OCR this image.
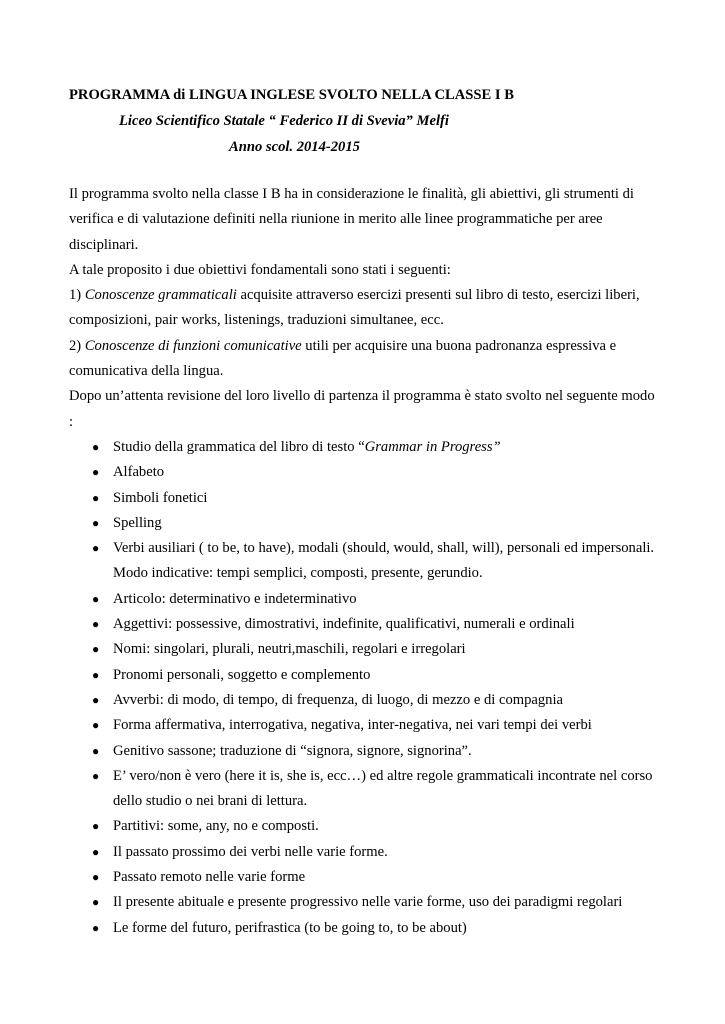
PROGRAMMA di LINGUA INGLESE SVOLTO NELLA CLASSE I B
Liceo Scientifico Statale “ Federico II di Svevia” Melfi
Anno scol. 2014-2015

Il programma svolto nella classe I B ha in considerazione le finalità, gli abiettivi, gli strumenti di verifica e di valutazione definiti nella riunione in merito alle linee programmatiche per aree disciplinari.

A tale proposito i due obiettivi fondamentali sono stati i seguenti:

1) Conoscenze grammaticali acquisite attraverso esercizi presenti sul libro di testo, esercizi liberi, composizioni, pair works, listenings, traduzioni simultanee, ecc.

2) Conoscenze di funzioni comunicative utili per acquisire una buona padronanza espressiva e comunicativa della lingua.

Dopo un’attenta revisione del loro livello di partenza il programma è stato svolto nel seguente modo :

● Studio della grammatica del libro di testo “Grammar in Progress”
● Alfabeto
● Simboli fonetici
● Spelling
● Verbi ausiliari ( to be, to have), modali (should, would, shall, will), personali ed impersonali. Modo indicative: tempi semplici, composti, presente, gerundio.
● Articolo: determinativo e indeterminativo
● Aggettivi: possessive, dimostrativi, indefinite, qualificativi, numerali e ordinali
● Nomi: singolari, plurali, neutri,maschili, regolari e irregolari
● Pronomi personali, soggetto e complemento
● Avverbi: di modo, di tempo, di frequenza, di luogo, di mezzo e di compagnia
● Forma affermativa, interrogativa, negativa, inter-negativa, nei vari tempi dei verbi
● Genitivo sassone; traduzione di “signora, signore, signorina”.
● E’ vero/non è vero (here it is, she is, ecc…) ed altre regole grammaticali incontrate nel corso dello studio o nei brani di lettura.
● Partitivi: some, any, no e composti.
● Il passato prossimo dei verbi nelle varie forme.
● Passato remoto nelle varie forme
● Il presente abituale e presente progressivo nelle varie forme, uso dei paradigmi regolari
● Le forme del futuro, perifrastica (to be going to, to be about)
